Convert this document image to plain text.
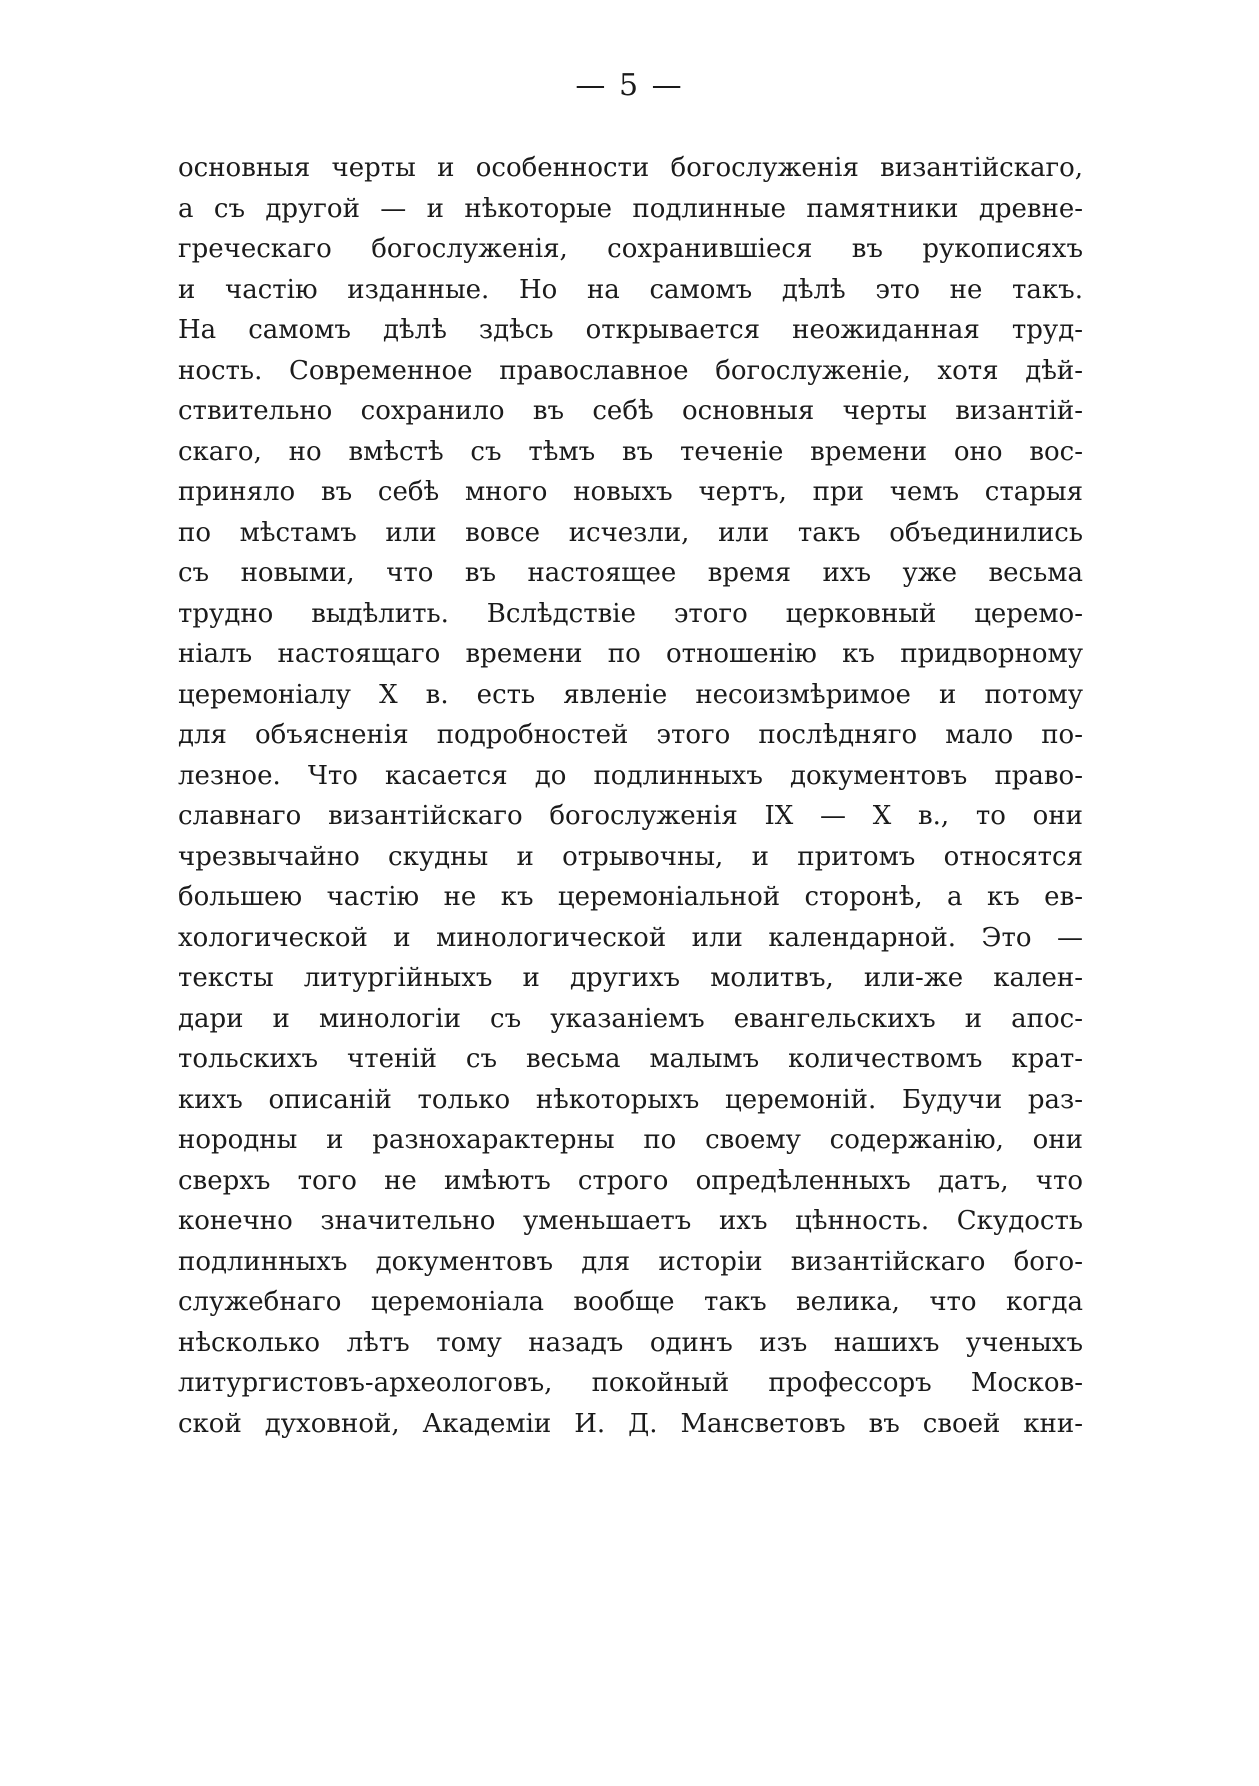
— 5 —
основныя черты и особенности богослуженія византійскаго,
а съ другой — и нѣкоторые подлинные памятники древне-
греческаго богослуженія, сохранившіеся въ рукописяхъ
и частію изданные. Но на самомъ дѣлѣ это не такъ.
На самомъ дѣлѣ здѣсь открывается неожиданная труд-
ность. Современное православное богослуженіе, хотя дѣй-
ствительно сохранило въ себѣ основныя черты византій-
скаго, но вмѣстѣ съ тѣмъ въ теченіе времени оно вос-
приняло въ себѣ много новыхъ чертъ, при чемъ старыя
по мѣстамъ или вовсе исчезли, или такъ объединились
съ новыми, что въ настоящее время ихъ уже весьма
трудно выдѣлить. Вслѣдствіе этого церковный церемо-
ніалъ настоящаго времени по отношенію къ придворному
церемоніалу X в. есть явленіе несоизмѣримое и потому
для объясненія подробностей этого послѣдняго мало по-
лезное. Что касается до подлинныхъ документовъ право-
славнаго византійскаго богослуженія IX — X в., то они
чрезвычайно скудны и отрывочны, и притомъ относятся
большею частію не къ церемоніальной сторонѣ, а къ ев-
хологической и минологической или календарной. Это —
тексты литургійныхъ и другихъ молитвъ, или-же кален-
дари и минологіи съ указаніемъ евангельскихъ и апос-
тольскихъ чтеній съ весьма малымъ количествомъ крат-
кихъ описаній только нѣкоторыхъ церемоній. Будучи раз-
нородны и разнохарактерны по своему содержанію, они
сверхъ того не имѣютъ строго опредѣленныхъ датъ, что
конечно значительно уменьшаетъ ихъ цѣнность. Скудость
подлинныхъ документовъ для исторіи византійскаго бого-
служебнаго церемоніала вообще такъ велика, что когда
нѣсколько лѣтъ тому назадъ одинъ изъ нашихъ ученыхъ
литургистовъ-археологовъ, покойный профессоръ Москов-
ской духовной, Академіи И. Д. Мансветовъ въ своей кни-
